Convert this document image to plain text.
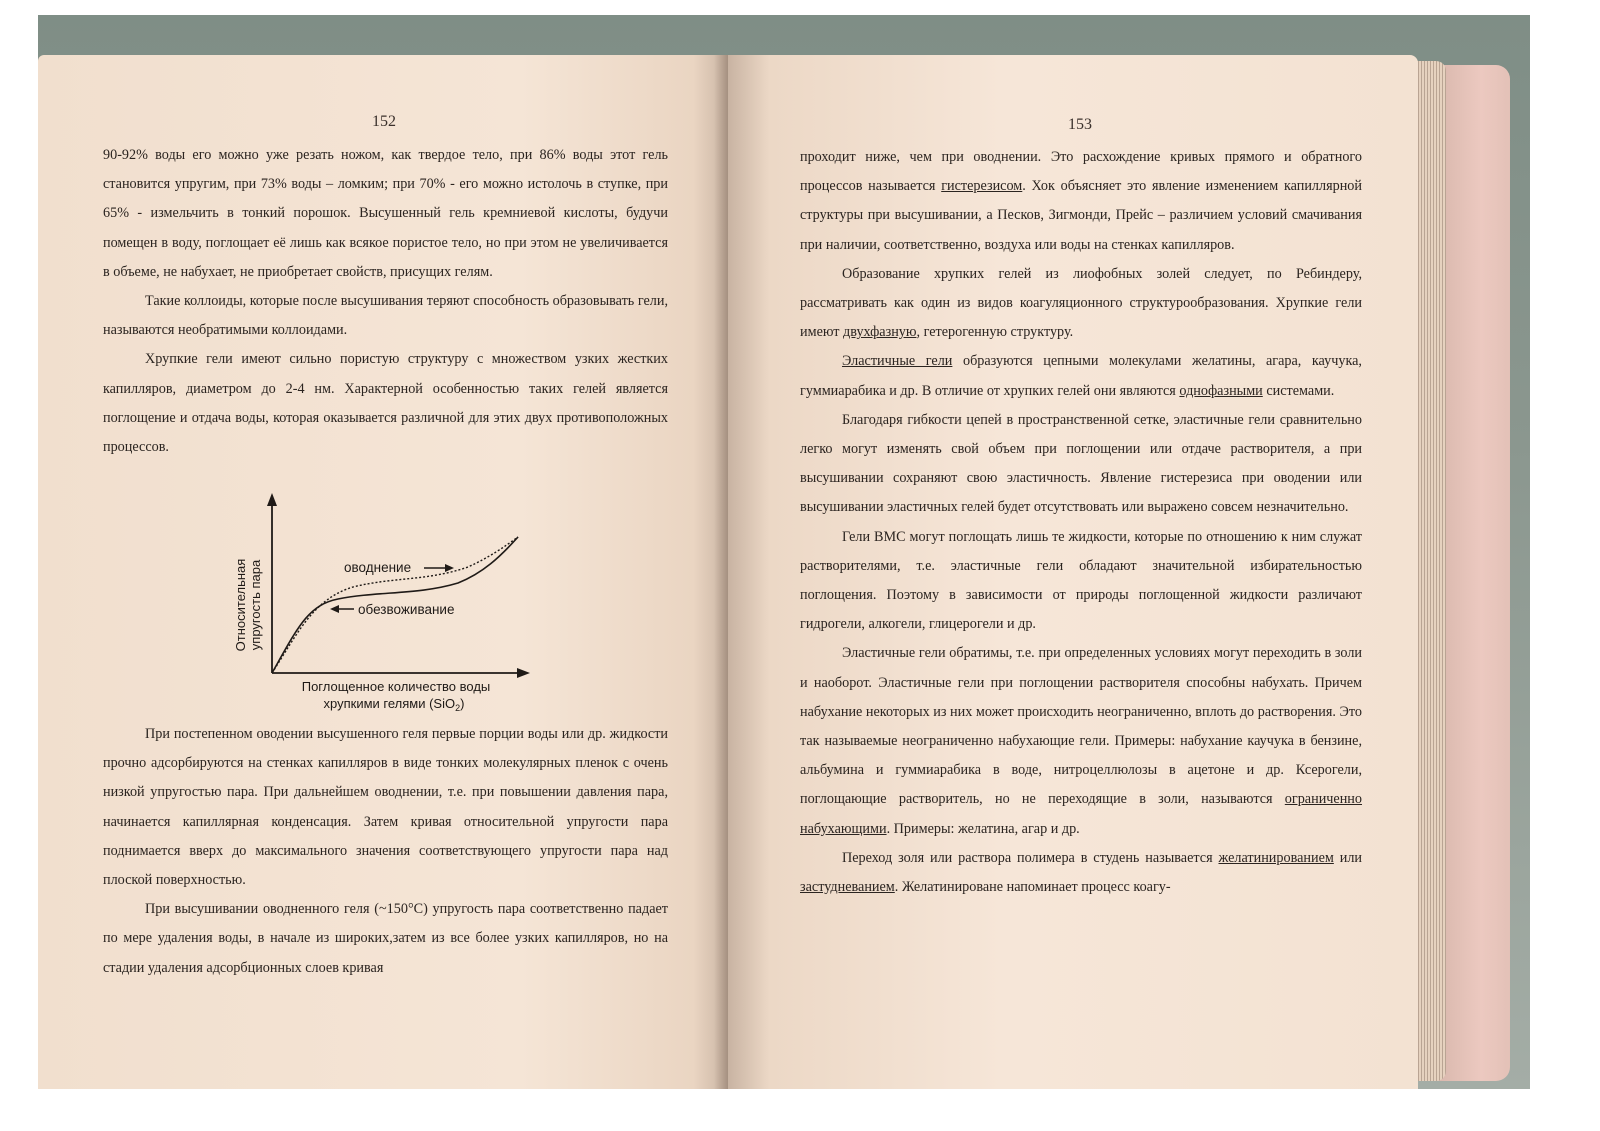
152

90-92% воды его можно уже резать ножом, как твердое тело, при 86% воды этот гель становится упругим, при 73% воды – ломким; при 70% - его можно истолочь в ступке, при 65% - измельчить в тонкий порошок. Высушенный гель кремниевой кислоты, будучи помещен в воду, поглощает её лишь как всякое пористое тело, но при этом не увеличивается в объеме, не набухает, не приобретает свойств, присущих гелям.

Такие коллоиды, которые после высушивания теряют способность образовывать гели, называются необратимыми коллоидами.

Хрупкие гели имеют сильно пористую структуру с множеством узких жестких капилляров, диаметром до 2-4 нм. Характерной особенностью таких гелей является поглощение и отдача воды, которая оказывается различной для этих двух противоположных процессов.

Относительная упругость пара	оводнение
обезвоживание
Поглощенное количество воды
хрупкими гелями (SiO$_2$)

При постепенном оводении высушенного геля первые порции воды или др. жидкости прочно адсорбируются на стенках капилляров в виде тонких молекулярных пленок с очень низкой упругостью пара. При дальнейшем оводнении, т.е. при повышении давления пара, начинается капиллярная конденсация. Затем кривая относительной упругости пара поднимается вверх до максимального значения соответствующего упругости пара над плоской поверхностью.

При высушивании оводненного геля (~150°С) упругость пара соответственно падает по мере удаления воды, в начале из широких,затем из все более узких капилляров, но на стадии удаления адсорбционных слоев кривая

153

проходит ниже, чем при оводнении. Это расхождение кривых прямого и обратного процессов называется гистерезисом. Хок объясняет это явление изменением капиллярной структуры при высушивании, а Песков, Зигмонди, Прейс – различием условий смачивания при наличии, соответственно, воздуха или воды на стенках капилляров.

Образование хрупких гелей из лиофобных золей следует, по Ребиндеру, рассматривать как один из видов коагуляционного структурообразования. Хрупкие гели имеют двухфазную, гетерогенную структуру.

Эластичные гели образуются цепными молекулами желатины, агара, каучука, гуммиарабика и др. В отличие от хрупких гелей они являются однофазными системами.

Благодаря гибкости цепей в пространственной сетке, эластичные гели сравнительно легко могут изменять свой объем при поглощении или отдаче растворителя, а при высушивании сохраняют свою эластичность. Явление гистерезиса при оводении или высушивании эластичных гелей будет отсутствовать или выражено совсем незначительно.

Гели ВМС могут поглощать лишь те жидкости, которые по отношению к ним служат растворителями, т.е. эластичные гели обладают значительной избирательностью поглощения. Поэтому в зависимости от природы поглощенной жидкости различают гидрогели, алкогели, глицерогели и др.

Эластичные гели обратимы, т.е. при определенных условиях могут переходить в золи и наоборот. Эластичные гели при поглощении растворителя способны набухать. Причем набухание некоторых из них может происходить неограниченно, вплоть до растворения. Это так называемые неограниченно набухающие гели. Примеры: набухание каучука в бензине, альбумина и гуммиарабика в воде, нитроцеллюлозы в ацетоне и др. Ксерогели, поглощающие растворитель, но не переходящие в золи, называются ограниченно набухающими. Примеры: желатина, агар и др.

Переход золя или раствора полимера в студень называется желатинированием или застудневанием. Желатинироване напоминает процесс коагу-
